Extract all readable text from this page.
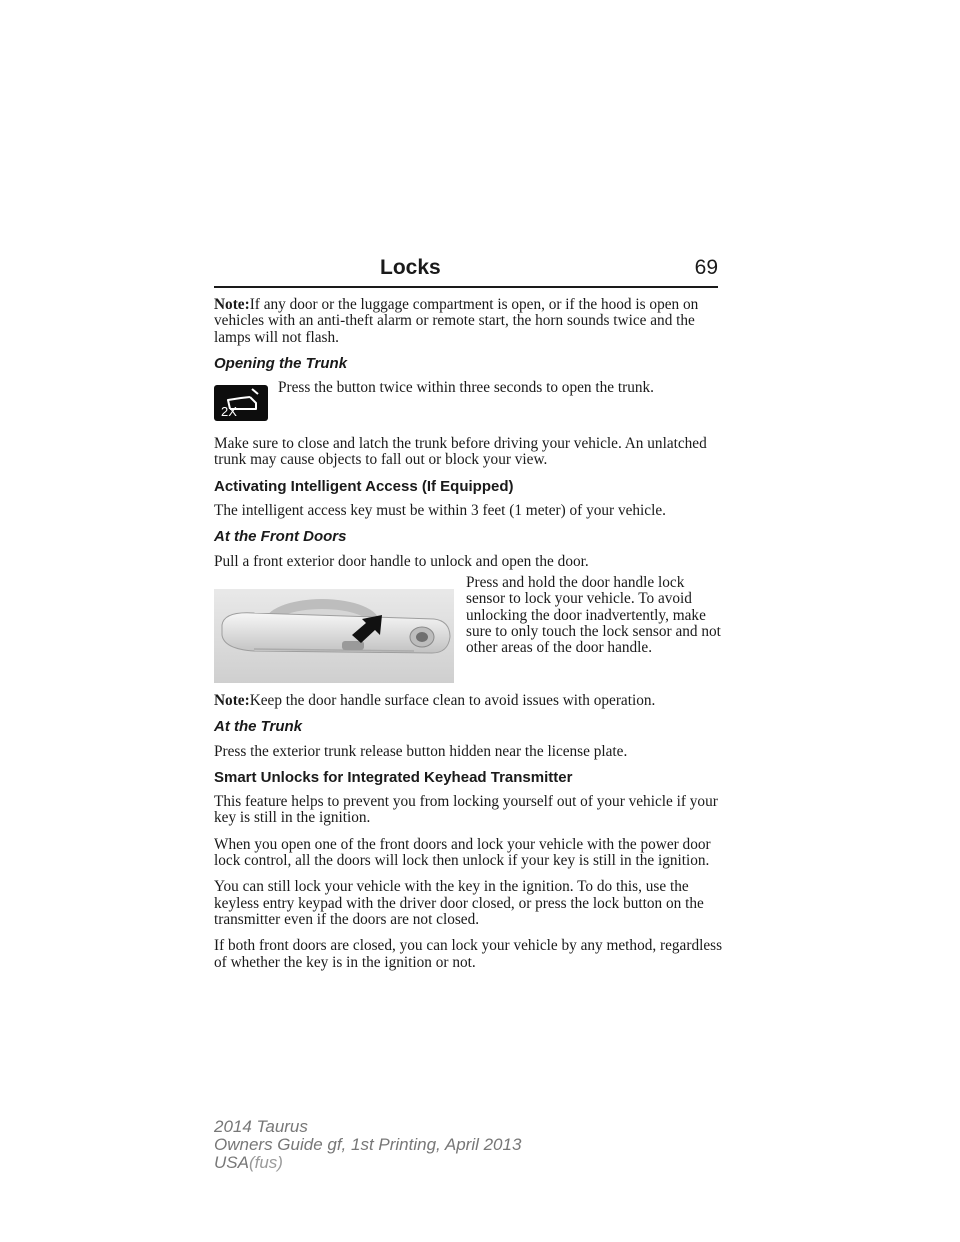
Locks	69

Note:If any door or the luggage compartment is open, or if the hood is open on vehicles with an anti-theft alarm or remote start, the horn sounds twice and the lamps will not flash.

Opening the Trunk
2X
Press the button twice within three seconds to open the trunk.

Make sure to close and latch the trunk before driving your vehicle. An unlatched trunk may cause objects to fall out or block your view.

Activating Intelligent Access (If Equipped)

The intelligent access key must be within 3 feet (1 meter) of your vehicle.

At the Front Doors

Pull a front exterior door handle to unlock and open the door.

Press and hold the door handle lock sensor to lock your vehicle. To avoid unlocking the door inadvertently, make sure to only touch the lock sensor and not other areas of the door handle.

Note:Keep the door handle surface clean to avoid issues with operation.

At the Trunk

Press the exterior trunk release button hidden near the license plate.

Smart Unlocks for Integrated Keyhead Transmitter

This feature helps to prevent you from locking yourself out of your vehicle if your key is still in the ignition.

When you open one of the front doors and lock your vehicle with the power door lock control, all the doors will lock then unlock if your key is still in the ignition.

You can still lock your vehicle with the key in the ignition. To do this, use the keyless entry keypad with the driver door closed, or press the lock button on the transmitter even if the doors are not closed.

If both front doors are closed, you can lock your vehicle by any method, regardless of whether the key is in the ignition or not.

2014 Taurus
Owners Guide gf, 1st Printing, April 2013
USA(fus)
